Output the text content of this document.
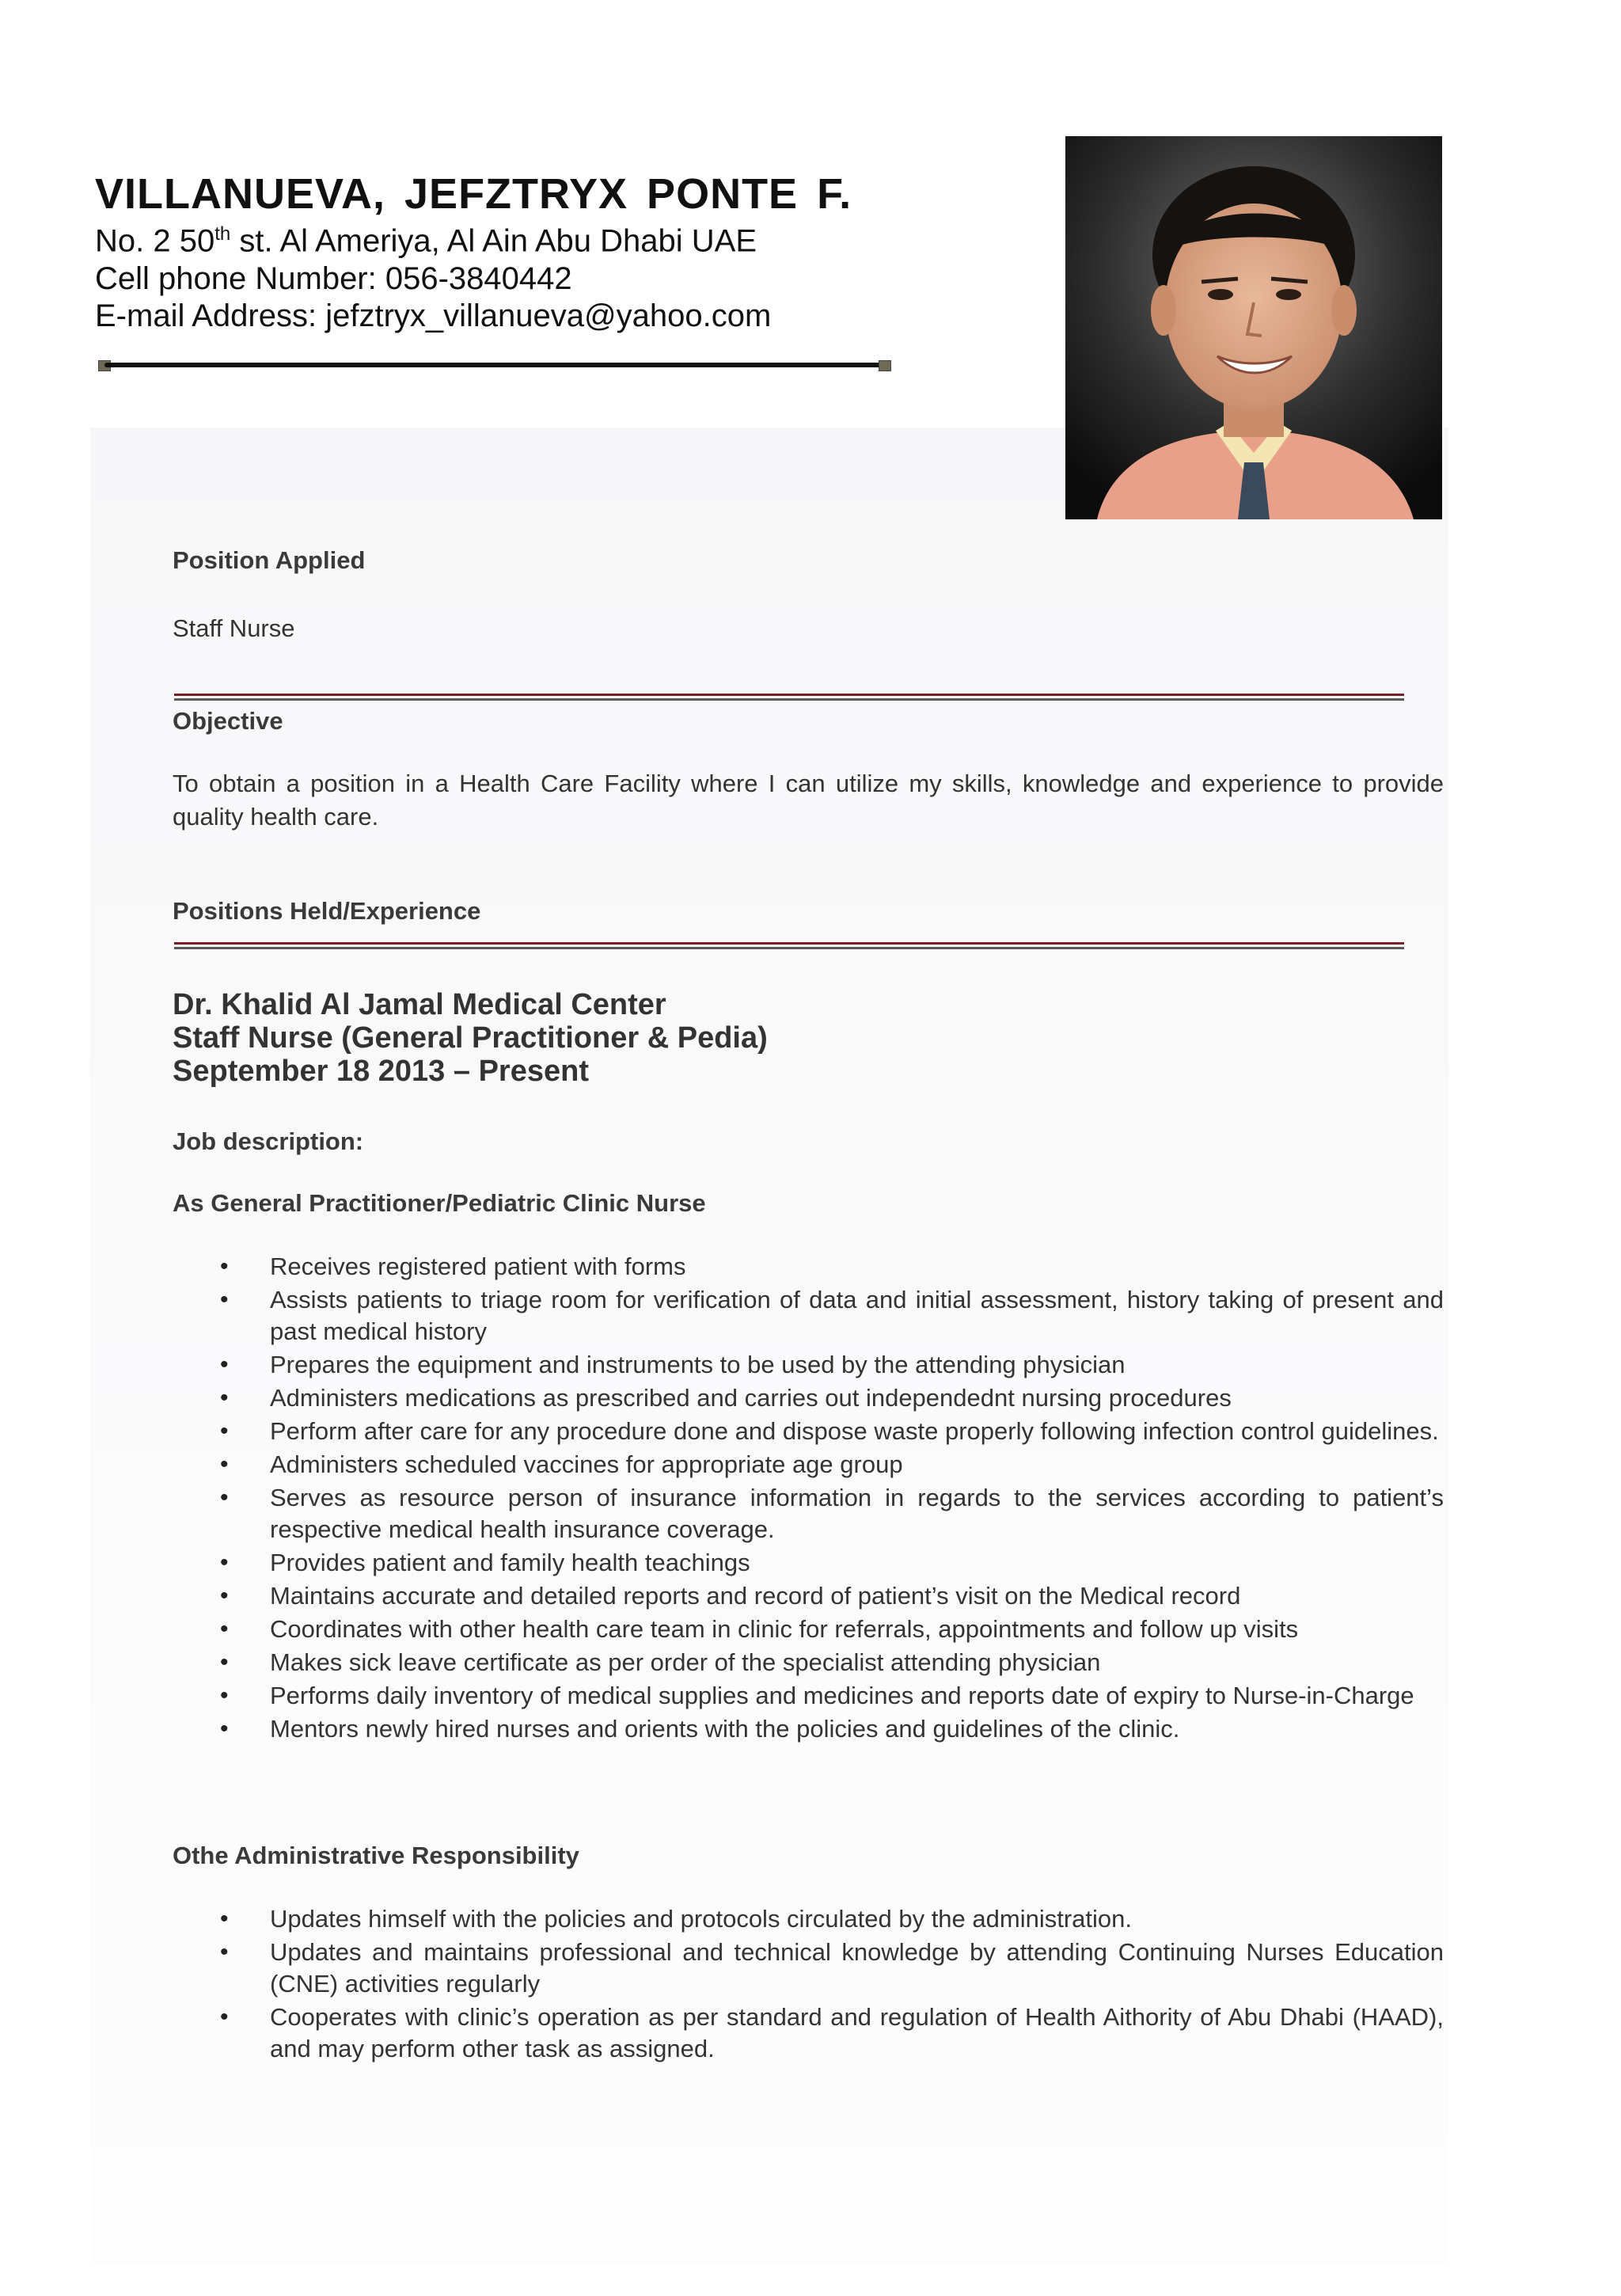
VILLANUEVA, JEFZTRYX PONTE F.
No. 2 50th st. Al Ameriya, Al Ain Abu Dhabi UAE
Cell phone Number: 056-3840442
E-mail Address: jefztryx_villanueva@yahoo.com
Position Applied
Staff Nurse
Objective
To obtain a position in a Health Care Facility where I can utilize my skills, knowledge and experience to provide quality health care.
Positions Held/Experience
Dr. Khalid Al Jamal Medical Center
Staff Nurse (General Practitioner & Pedia)
September 18 2013 – Present
Job description:
As General Practitioner/Pediatric Clinic Nurse
• Receives registered patient with forms
• Assists patients to triage room for verification of data and initial assessment, history taking of present and past medical history
• Prepares the equipment and instruments to be used by the attending physician
• Administers medications as prescribed and carries out independednt nursing procedures
• Perform after care for any procedure done and dispose waste properly following infection control guidelines.
• Administers scheduled vaccines for appropriate age group
• Serves as resource person of insurance information in regards to the services according to patient’s respective medical health insurance coverage.
• Provides patient and family health teachings
• Maintains accurate and detailed reports and record of patient’s visit on the Medical record
• Coordinates with other health care team in clinic for referrals, appointments and follow up visits
• Makes sick leave certificate as per order of the specialist attending physician
• Performs daily inventory of medical supplies and medicines and reports date of expiry to Nurse-in-Charge
• Mentors newly hired nurses and orients with the policies and guidelines of the clinic.
Othe Administrative Responsibility
• Updates himself with the policies and protocols circulated by the administration.
• Updates and maintains professional and technical knowledge by attending Continuing Nurses Education (CNE) activities regularly
• Cooperates with clinic’s operation as per standard and regulation of Health Aithority of Abu Dhabi (HAAD), and may perform other task as assigned.
